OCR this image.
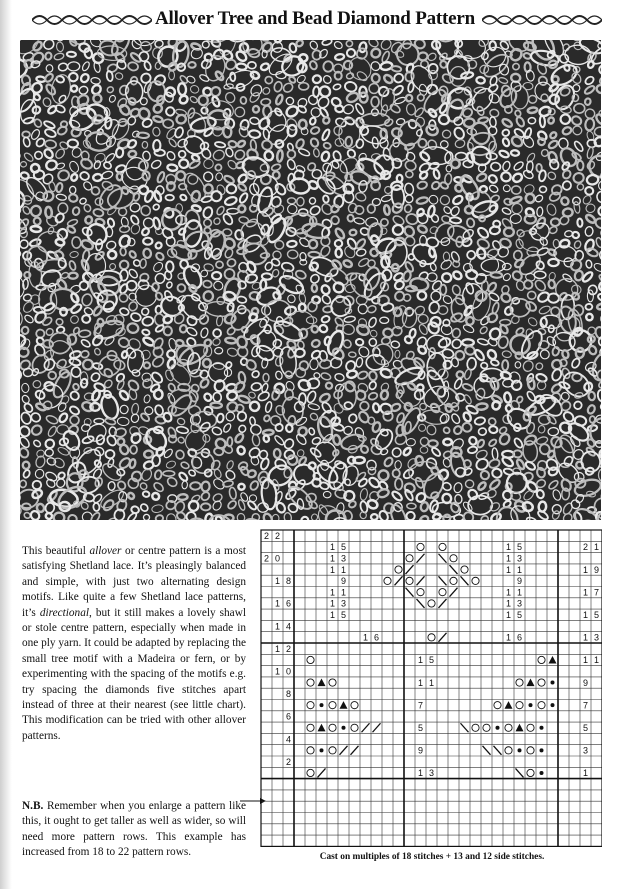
Allover Tree and Bead Diamond Pattern
This beautiful allover or centre pattern is a most satisfying Shetland lace. It’s pleasingly balanced and simple, with just two alternating design motifs. Like quite a few Shetland lace patterns, it’s directional, but it still makes a lovely shawl or stole centre pattern, especially when made in one ply yarn. It could be adapted by replacing the small tree motif with a Madeira or fern, or by experimenting with the spacing of the motifs e.g. try spacing the diamonds five stitches apart instead of three at their nearest (see little chart). This modification can be tried with other allover patterns.
N.B. Remember when you enlarge a pattern like this, it ought to get taller as well as wider, so will need more pattern rows. This example has increased from 18 to 22 pattern rows.
2 2
2 0
1 8
1 6
1 4
1 2
1 0
8
6
4
2
2 1
1 9
1 7
1 5
1 3
1 1
9
7
5
3
1
1 5
1 3
1 1
9
1 1
1 3
1 5
1 6
1 5
1 1
7
5
9
1 3
1 5
1 3
1 1
9
1 1
1 3
1 5
1 6
Cast on multiples of 18 stitches + 13 and 12 side stitches.
